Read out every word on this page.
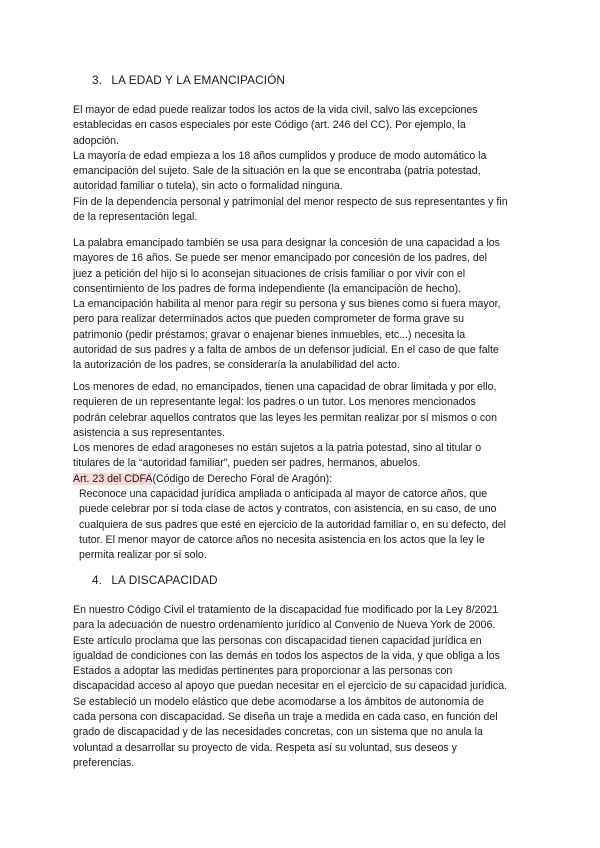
3. LA EDAD Y LA EMANCIPACIÓN
El mayor de edad puede realizar todos los actos de la vida civil, salvo las excepciones
establecidas en casos especiales por este Código (art. 246 del CC). Por ejemplo, la
adopción.
La mayoría de edad empieza a los 18 años cumplidos y produce de modo automático la
emancipación del sujeto. Sale de la situación en la que se encontraba (patria potestad,
autoridad familiar o tutela), sin acto o formalidad ninguna.
Fin de la dependencia personal y patrimonial del menor respecto de sus representantes y fin
de la representación legal.
La palabra emancipado también se usa para designar la concesión de una capacidad a los
mayores de 16 años. Se puede ser menor emancipado por concesión de los padres, del
juez a petición del hijo si lo aconsejan situaciones de crisis familiar o por vivir con el
consentimiento de los padres de forma independiente (la emancipación de hecho).
La emancipación habilita al menor para regir su persona y sus bienes como si fuera mayor,
pero para realizar determinados actos que pueden comprometer de forma grave su
patrimonio (pedir préstamos; gravar o enajenar bienes inmuebles, etc...) necesita la
autoridad de sus padres y a falta de ambos de un defensor judicial. En el caso de que falte
la autorización de los padres, se consideraría la anulabilidad del acto.
Los menores de edad, no emancipados, tienen una capacidad de obrar limitada y por ello,
requieren de un representante legal: los padres o un tutor. Los menores mencionados
podrán celebrar aquellos contratos que las leyes les permitan realizar por sí mismos o con
asistencia a sus representantes.
Los menores de edad aragoneses no están sujetos a la patria potestad, sino al titular o
titulares de la “autoridad familiar”, pueden ser padres, hermanos, abuelos.
Art. 23 del CDFA(Código de Derecho Foral de Aragón):
Reconoce una capacidad jurídica ampliada o anticipada al mayor de catorce años, que
puede celebrar por sí toda clase de actos y contratos, con asistencia, en su caso, de uno
cualquiera de sus padres que esté en ejercicio de la autoridad familiar o, en su defecto, del
tutor. El menor mayor de catorce años no necesita asistencia en los actos que la ley le
permita realizar por sí solo.
4. LA DISCAPACIDAD
En nuestro Código Civil el tratamiento de la discapacidad fue modificado por la Ley 8/2021
para la adecuación de nuestro ordenamiento jurídico al Convenio de Nueva York de 2006.
Este artículo proclama que las personas con discapacidad tienen capacidad jurídica en
igualdad de condiciones con las demás en todos los aspectos de la vida, y que obliga a los
Estados a adoptar las medidas pertinentes para proporcionar a las personas con
discapacidad acceso al apoyo que puedan necesitar en el ejercicio de su capacidad jurídica.
Se estableció un modelo elástico que debe acomodarse a los ámbitos de autonomía de
cada persona con discapacidad. Se diseña un traje a medida en cada caso, en función del
grado de discapacidad y de las necesidades concretas, con un sistema que no anula la
voluntad a desarrollar su proyecto de vida. Respeta así su voluntad, sus deseos y
preferencias.
